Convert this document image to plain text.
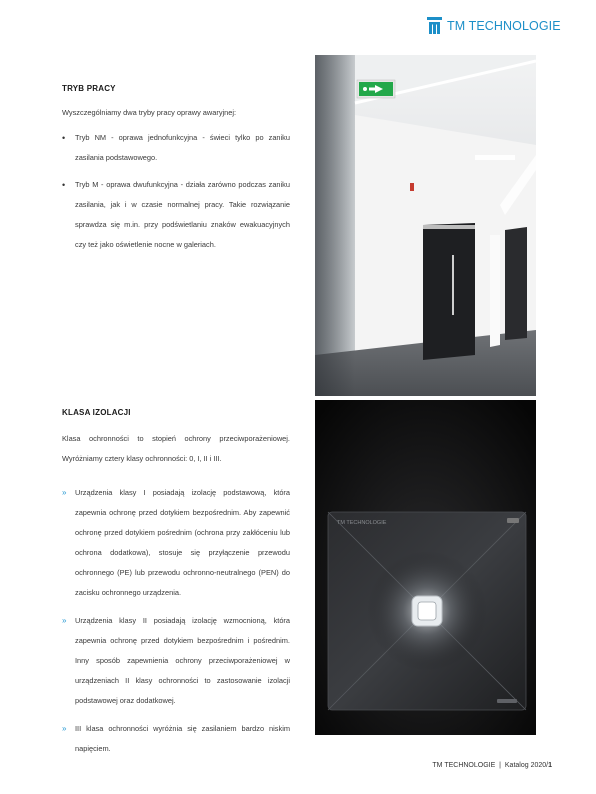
TM TECHNOLOGIE
TRYB PRACY
Wyszczególniamy dwa tryby pracy oprawy awaryjnej:
• Tryb NM - oprawa jednofunkcyjna - świeci tylko po zaniku zasilania podstawowego.
• Tryb M - oprawa dwufunkcyjna - działa zarówno podczas zaniku zasilania, jak i w czasie normalnej pracy. Takie rozwiązanie sprawdza się m.in. przy podświetlaniu znaków ewakuacyjnych czy też jako oświetlenie nocne w galeriach.
KLASA IZOLACJI
Klasa ochronności to stopień ochrony przeciwporażeniowej. Wyróżniamy cztery klasy ochronności: 0, I, II i III.
» Urządzenia klasy I posiadają izolację podstawową, która zapewnia ochronę przed dotykiem bezpośrednim. Aby zapewnić ochronę przed dotykiem pośrednim (ochrona przy zakłóceniu lub ochrona dodatkowa), stosuje się przyłączenie przewodu ochronnego (PE) lub przewodu ochronno-neutralnego (PEN) do zacisku ochronnego urządzenia.
» Urządzenia klasy II posiadają izolację wzmocnioną, która zapewnia ochronę przed dotykiem bezpośrednim i pośrednim. Inny sposób zapewnienia ochrony przeciwporażeniowej w urządzeniach II klasy ochronności to zastosowanie izolacji podstawowej oraz dodatkowej.
» III klasa ochronności wyróżnia się zasilaniem bardzo niskim napięciem.
TM TECHNOLOGIE
TM TECHNOLOGIE | Katalog 2020/1
